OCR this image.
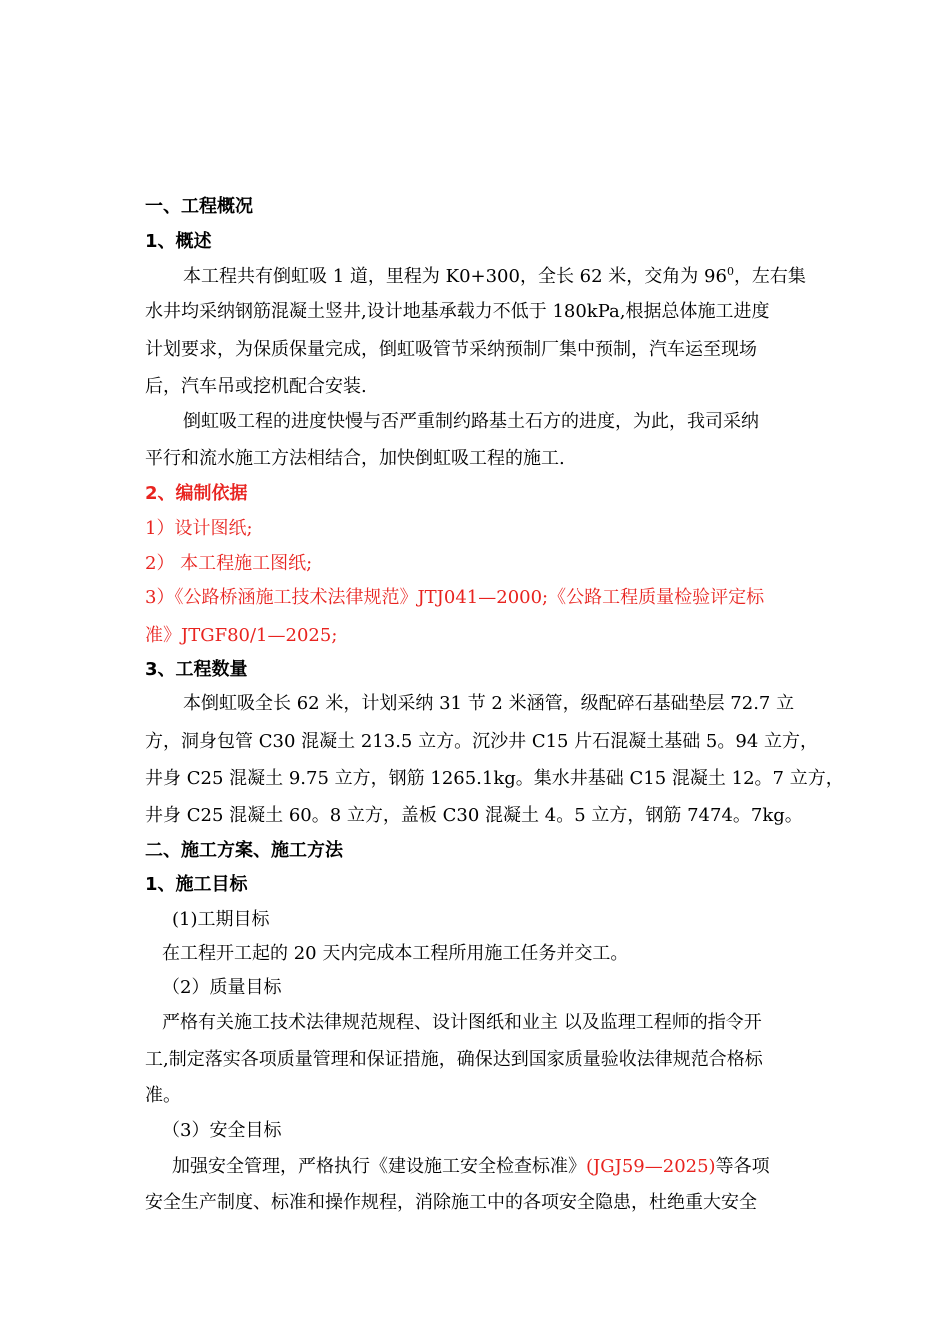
一、工程概况
1、概述
本工程共有倒虹吸 1 道，里程为 K0+300，全长 62 米，交角为 $96^0$，左右集
水井均采纳钢筋混凝土竖井,设计地基承载力不低于 180kPa,根据总体施工进度
计划要求，为保质保量完成，倒虹吸管节采纳预制厂集中预制，汽车运至现场
后，汽车吊或挖机配合安装.
倒虹吸工程的进度快慢与否严重制约路基土石方的进度，为此，我司采纳
平行和流水施工方法相结合，加快倒虹吸工程的施工.
2、编制依据
1）设计图纸;
2） 本工程施工图纸;
3）《公路桥涵施工技术法律规范》JTJ041—2000;《公路工程质量检验评定标
准》JTGF80/1—2025;
3、工程数量
本倒虹吸全长 62 米，计划采纳 31 节 2 米涵管，级配碎石基础垫层 72.7 立
方，洞身包管 C30 混凝土 213.5 立方。沉沙井 C15 片石混凝土基础 5。94 立方，
井身 C25 混凝土 9.75 立方，钢筋 1265.1kg。集水井基础 C15 混凝土 12。7 立方，
井身 C25 混凝土 60。8 立方，盖板 C30 混凝土 4。5 立方，钢筋 7474。7kg。
二、施工方案、施工方法
1、施工目标
(1)工期目标
在工程开工起的 20 天内完成本工程所用施工任务并交工。
（2）质量目标
严格有关施工技术法律规范规程、设计图纸和业主 以及监理工程师的指令开
工,制定落实各项质量管理和保证措施，确保达到国家质量验收法律规范合格标
准。
（3）安全目标
加强安全管理，严格执行《建设施工安全检查标准》(JGJ59—2025)等各项
安全生产制度、标准和操作规程，消除施工中的各项安全隐患，杜绝重大安全
